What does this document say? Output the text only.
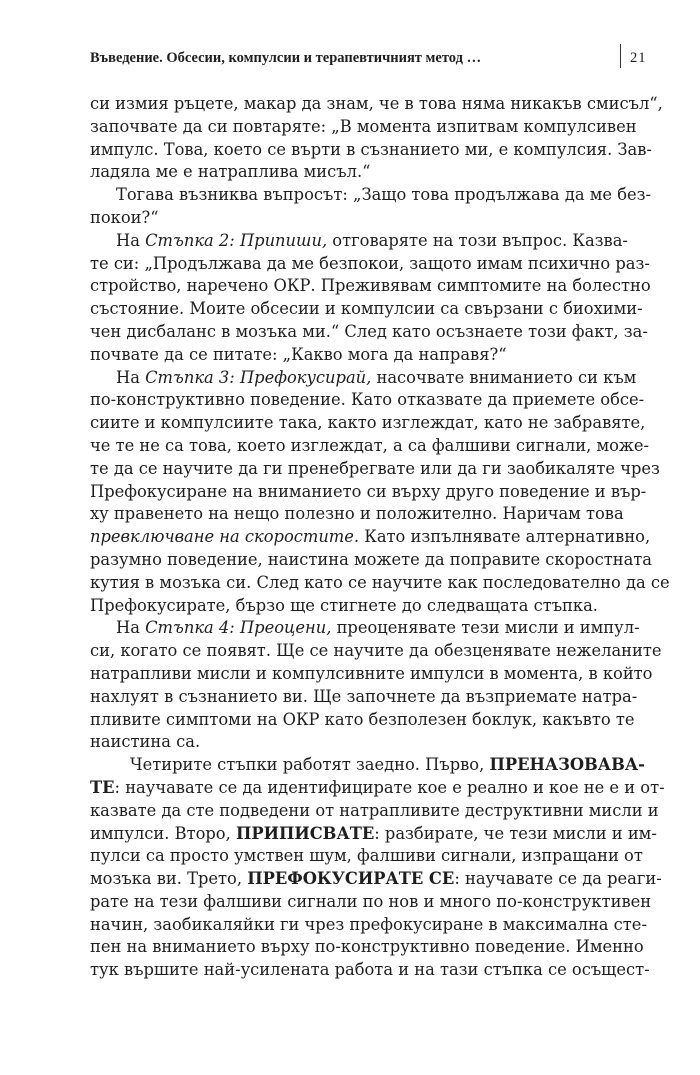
Въведение. Обсесии, компулсии и терапевтичният метод …	21
си измия ръцете, макар да знам, че в това няма никакъв смисъл“,
започвате да си повтаряте: „В момента изпитвам компулсивен
импулс. Това, което се върти в съзнанието ми, е компулсия. Зав-
ладяла ме е натрапливa мисъл.“
Тогава възниква въпросът: „Защо това продължава да ме без-
покои?“
На Стъпка 2: Припиши, отговаряте на този въпрос. Казва-
те си: „Продължава да ме безпокои, защото имам психично раз-
стройство, наречено ОКР. Преживявам симптомите на болестно
състояние. Моите обсесии и компулсии са свързани с биохими-
чен дисбаланс в мозъка ми.“ След като осъзнаете този факт, за-
почвате да се питате: „Какво мога да направя?“
На Стъпка 3: Префокусирай, насочвате вниманието си към
по-конструктивно поведение. Като отказвате да приемете обсе-
сиите и компулсиите така, както изглеждат, като не забравяте,
че те не са това, което изглеждат, а са фалшиви сигнали, може-
те да се научите да ги пренебрегвате или да ги заобикаляте чрез
Префокусиране на вниманието си върху друго поведение и вър-
ху правенето на нещо полезно и положително. Наричам това
превключване на скоростите. Като изпълнявате алтернативно,
разумно поведение, наистина можете да поправите скоростната
кутия в мозъка си. След като се научите как последователно да се
Префокусирате, бързо ще стигнете до следващата стъпка.
На Стъпка 4: Преоцени, преоценявате тези мисли и импул-
си, когато се появят. Ще се научите да обезценявате нежеланите
натрапливи мисли и компулсивните импулси в момента, в който
нахлуят в съзнанието ви. Ще започнете да възприемате натра-
пливите симптоми на ОКР като безполезен боклук, какъвто те
наистина са.
Четирите стъпки работят заедно. Първо, ПРЕНАЗОВАВА-
ТЕ: научавате се да идентифицирате кое е реално и кое не е и от-
казвате да сте подведени от натрапливите деструктивни мисли и
импулси. Второ, ПРИПИСВАТЕ: разбирате, че тези мисли и им-
пулси са просто умствен шум, фалшиви сигнали, изпращани от
мозъка ви. Трето, ПРЕФОКУСИРАТЕ СЕ: научавате се да реаги-
рате на тези фалшиви сигнали по нов и много по-конструктивен
начин, заобикаляйки ги чрез префокусиране в максимална сте-
пен на вниманието върху по-конструктивно поведение. Именно
тук вършите най-усилената работа и на тази стъпка се осъщест-
